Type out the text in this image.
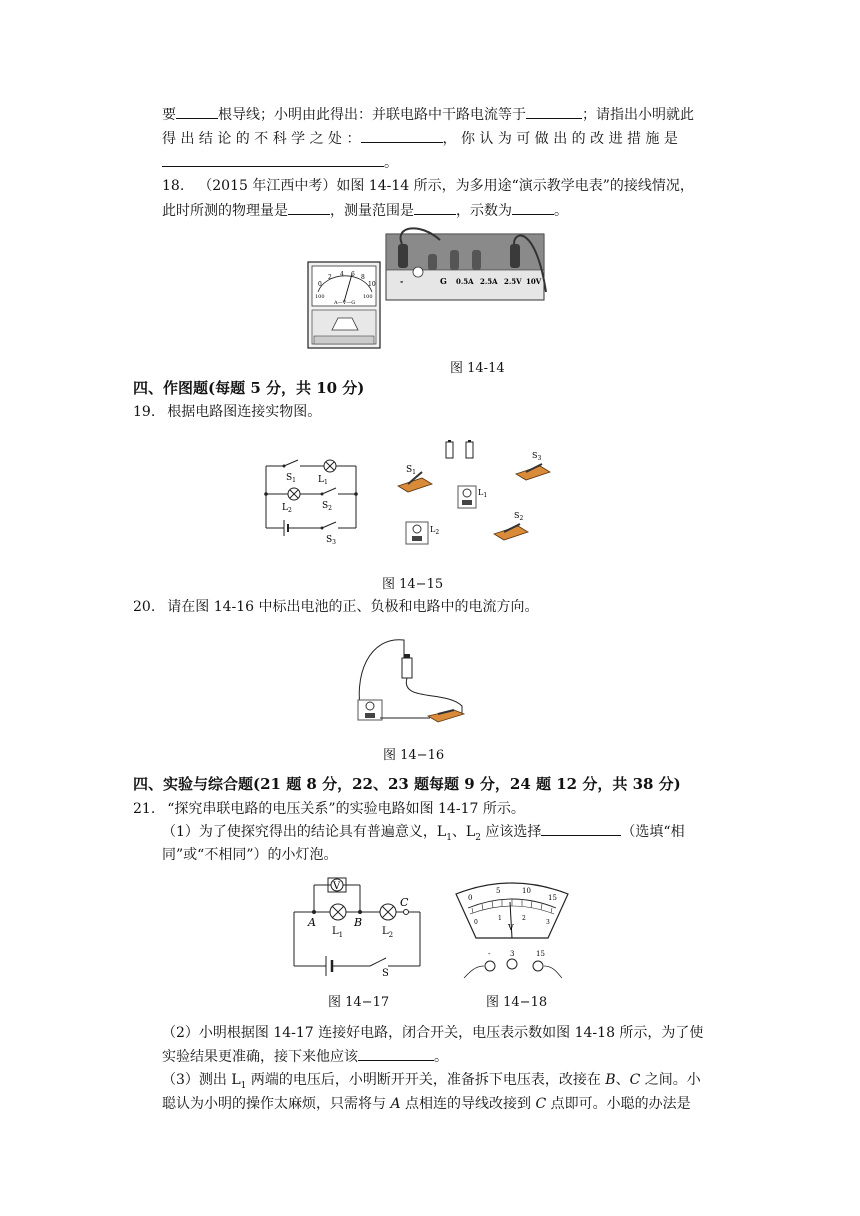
要	根导线；小明由此得出：并联电路中干路电流等于	；请指出小明就此
得 出 结 论 的 不 科 学 之 处 ：	， 你 认 为 可 做 出 的 改 进 措 施 是
。
18. （2015 年江西中考）如图 14-14 所示，为多用途“演示教学电表”的接线情况，
此时所测的物理量是	，测量范围是	，示数为	。
0
2 4 6 8
10
100	100
A—V—G
-	G 0.5A 2.5A 2.5V 10V
图 14-14
四、作图题(每题 5 分，共 10 分)
19. 根据电路图连接实物图。
$S_1$ $L_1$
$L_2$	$S_2$
$S_3$
$S_1$
$L_1$
$S_3$
$L_2$
$S_2$
图 14−15
20. 请在图 14-16 中标出电池的正、负极和电路中的电流方向。
图 14−16
四、实验与综合题(21 题 8 分，22、23 题每题 9 分，24 题 12 分，共 38 分)
21. “探究串联电路的电压关系”的实验电路如图 14-17 所示。
（1）为了使探究得出的结论具有普遍意义，$L_1$、$L_2$ 应该选择	（选填“相
同”或“不相同”）的小灯泡。
V
A	B
C
$L_1$	$L_2$
S
图 14−17
0
5	10
15
0
1	2
3
V
-	3	15
图 14−18
（2）小明根据图 14-17 连接好电路，闭合开关，电压表示数如图 14-18 所示，为了使
实验结果更准确，接下来他应该	。
（3）测出 $L_1$ 两端的电压后，小明断开开关，准备拆下电压表，改接在 B、C 之间。小
聪认为小明的操作太麻烦，只需将与 A 点相连的导线改接到 C 点即可。小聪的办法是
